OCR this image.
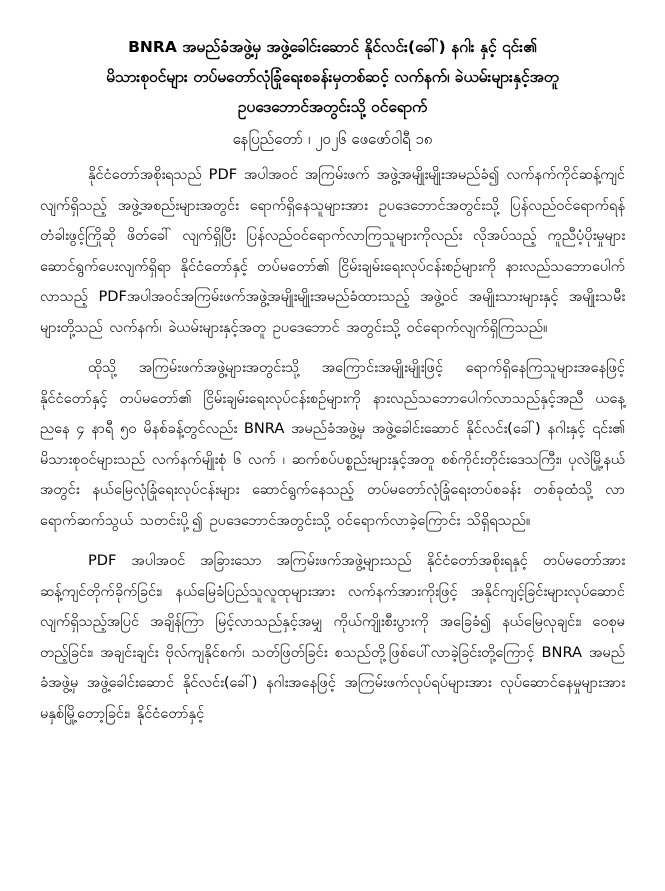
BNRA အမည်ခံအဖွဲ့မှ အဖွဲ့ခေါင်းဆောင် နိုင်လင်း(ခေါ်) နဂါး နှင့် ၎င်း၏

မိသားစုဝင်များ တပ်မတော်လုံခြုံရေးစခန်းမှတစ်ဆင့် လက်နက်၊ ခဲယမ်းများနှင့်အတူ

ဥပဒေဘောင်အတွင်းသို့ ဝင်ရောက်

နေပြည်တော် ၊ ၂၀၂၆ ဖေဖော်ဝါရီ ၁၈

နိုင်ငံတော်အစိုးရသည် PDF အပါအဝင် အကြမ်းဖက် အဖွဲ့အမျိုးမျိုးအမည်ခံ၍ လက်နက်ကိုင်ဆန့်ကျင်လျက်ရှိသည့် အဖွဲ့အစည်းများအတွင်း ရောက်ရှိနေသူများအား ဥပဒေဘောင်အတွင်းသို့ ပြန်လည်ဝင်ရောက်ရန် တံခါးဖွင့်ကြိုဆို ဖိတ်ခေါ် လျက်ရှိပြီး ပြန်လည်ဝင်ရောက်လာကြသူများကိုလည်း လိုအပ်သည့် ကူညီပံ့ပိုးမှုများ ဆောင်ရွက်ပေးလျက်ရှိရာ နိုင်ငံတော်နှင့် တပ်မတော်၏ ငြိမ်းချမ်းရေးလုပ်ငန်းစဉ်များကို နားလည်သဘောပေါက်လာသည့် PDFအပါအဝင်အကြမ်းဖက်အဖွဲ့အမျိုးမျိုးအမည်ခံထားသည့် အဖွဲ့ဝင် အမျိုးသားများနှင့် အမျိုးသမီးများတို့သည် လက်နက်၊ ခဲယမ်းများနှင့်အတူ ဥပဒေဘောင် အတွင်းသို့ ဝင်ရောက်လျက်ရှိကြသည်။

ထိုသို့ အကြမ်းဖက်အဖွဲ့များအတွင်းသို့ အကြောင်းအမျိုးမျိုးဖြင့် ရောက်ရှိနေကြသူများအနေဖြင့် နိုင်ငံတော်နှင့် တပ်မတော်၏ ငြိမ်းချမ်းရေးလုပ်ငန်းစဉ်များကို နားလည်သဘောပေါက်လာသည်နှင့်အညီ ယနေ့ညနေ ၄ နာရီ ၅၀ မိနစ်ခန့်တွင်လည်း BNRA အမည်ခံအဖွဲ့မှ အဖွဲ့ခေါင်းဆောင် နိုင်လင်း(ခေါ်) နဂါးနှင့် ၎င်း၏ မိသားစုဝင်များသည် လက်နက်မျိုးစုံ ၆ လက် ၊ ဆက်စပ်ပစ္စည်းများနှင့်အတူ စစ်ကိုင်းတိုင်းဒေသကြီး၊ ပုလဲမြို့နယ်အတွင်း နယ်မြေလုံခြုံရေးလုပ်ငန်းများ ဆောင်ရွက်နေသည့် တပ်မတော်လုံခြုံရေးတပ်စခန်း တစ်ခုထံသို့ လာရောက်ဆက်သွယ် သတင်းပို့၍ ဥပဒေဘောင်အတွင်းသို့ ဝင်ရောက်လာခဲ့ကြောင်း သိရှိရသည်။

PDF အပါအဝင် အခြားသော အကြမ်းဖက်အဖွဲ့များသည် နိုင်ငံတော်အစိုးရနှင့် တပ်မတော်အား ဆန့်ကျင်တိုက်ခိုက်ခြင်း၊ နယ်မြေခံပြည်သူလူထုများအား လက်နက်အားကိုးဖြင့် အနိုင်ကျင့်ခြင်းများလုပ်ဆောင်လျက်ရှိသည့်အပြင် အချိန်ကြာ မြင့်လာသည်နှင့်အမျှ ကိုယ်ကျိုးစီးပွားကို အခြေခံ၍ နယ်မြေလုချင်း၊ ဝေစုမတည့်ခြင်း၊ အချင်းချင်း ဗိုလ်ကျနိုင်စက်၊ သတ်ဖြတ်ခြင်း စသည်တို့ဖြစ်ပေါ်လာခဲ့ခြင်းတို့ကြောင့် BNRA အမည်ခံအဖွဲ့မှ အဖွဲ့ခေါင်းဆောင် နိုင်လင်း(ခေါ်) နဂါးအနေဖြင့် အကြမ်းဖက်လုပ်ရပ်များအား လုပ်ဆောင်နေမှုများအား မနှစ်မြို့တော့ခြင်း၊ နိုင်ငံတော်နှင့်
